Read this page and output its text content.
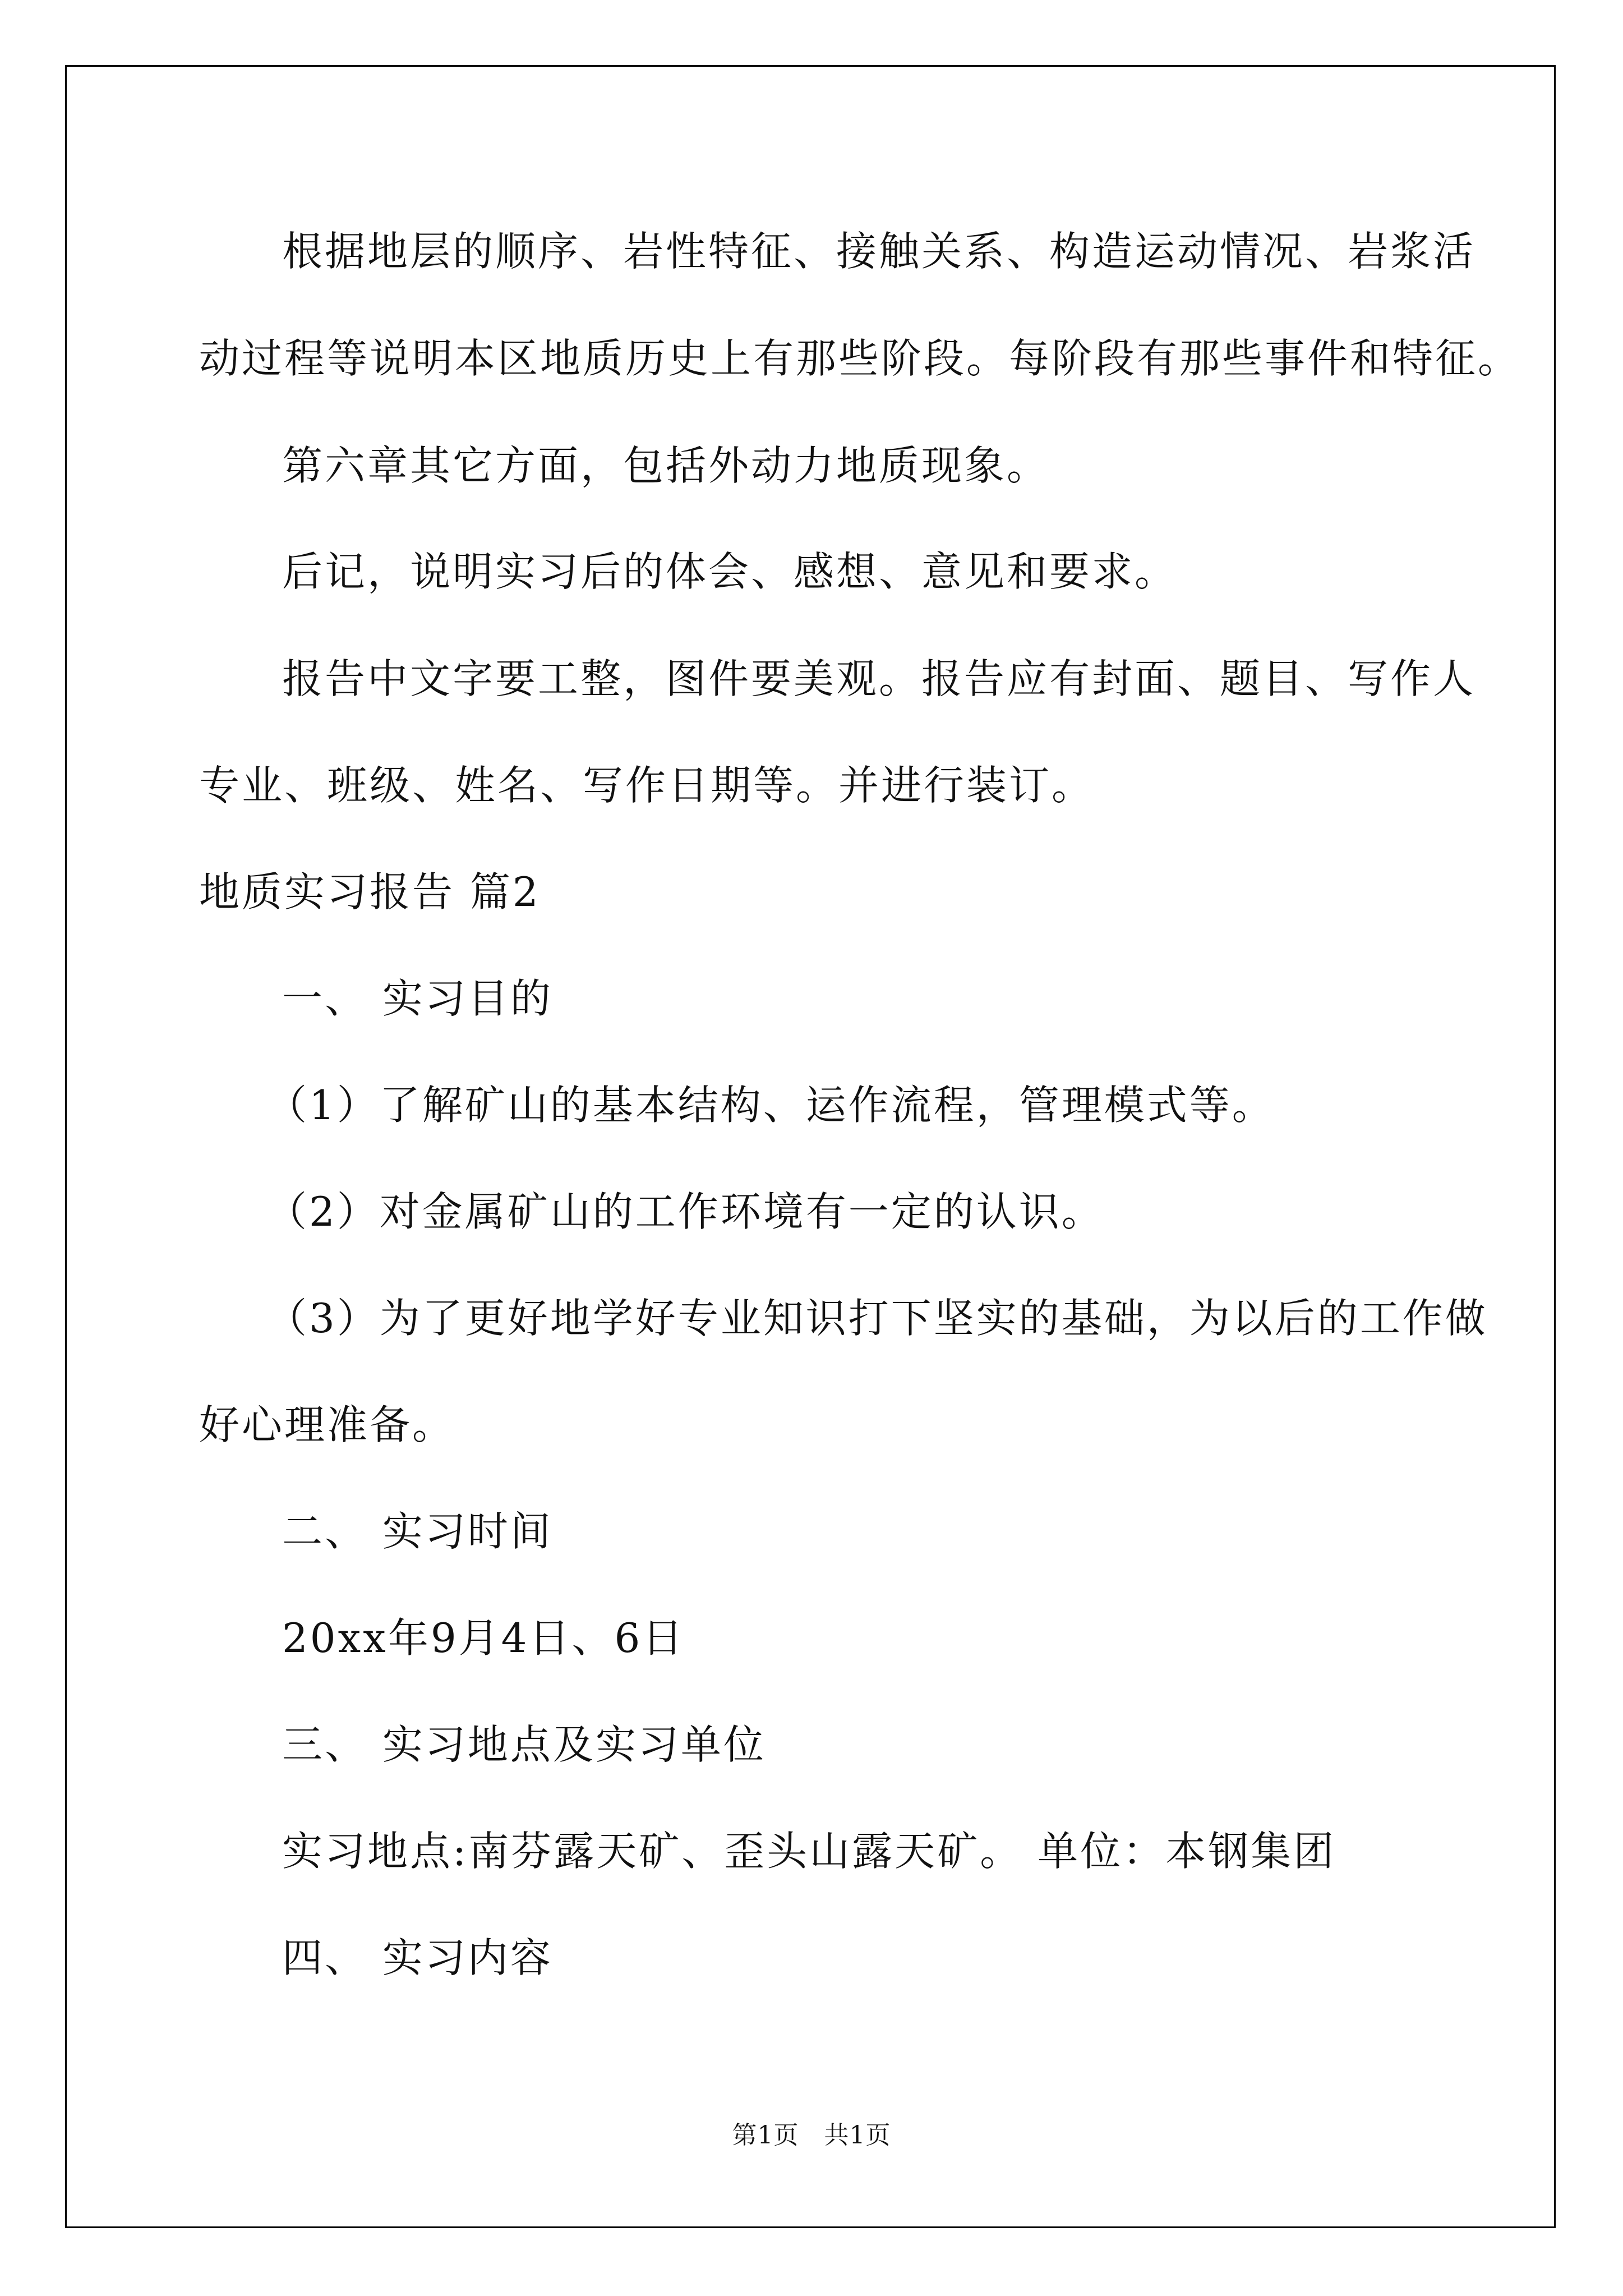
根据地层的顺序、岩性特征、接触关系、构造运动情况、岩浆活
动过程等说明本区地质历史上有那些阶段。每阶段有那些事件和特征。
第六章其它方面，包括外动力地质现象。
后记，说明实习后的体会、感想、意见和要求。
报告中文字要工整，图件要美观。报告应有封面、题目、写作人
专业、班级、姓名、写作日期等。并进行装订。
地质实习报告 篇2
一、 实习目的
（1）了解矿山的基本结构、运作流程，管理模式等。
（2）对金属矿山的工作环境有一定的认识。
（3）为了更好地学好专业知识打下坚实的基础，为以后的工作做
好心理准备。
二、 实习时间
20xx年9月4日、6日
三、 实习地点及实习单位
实习地点:南芬露天矿、歪头山露天矿。 单位：本钢集团
四、 实习内容
第1页   共1页
